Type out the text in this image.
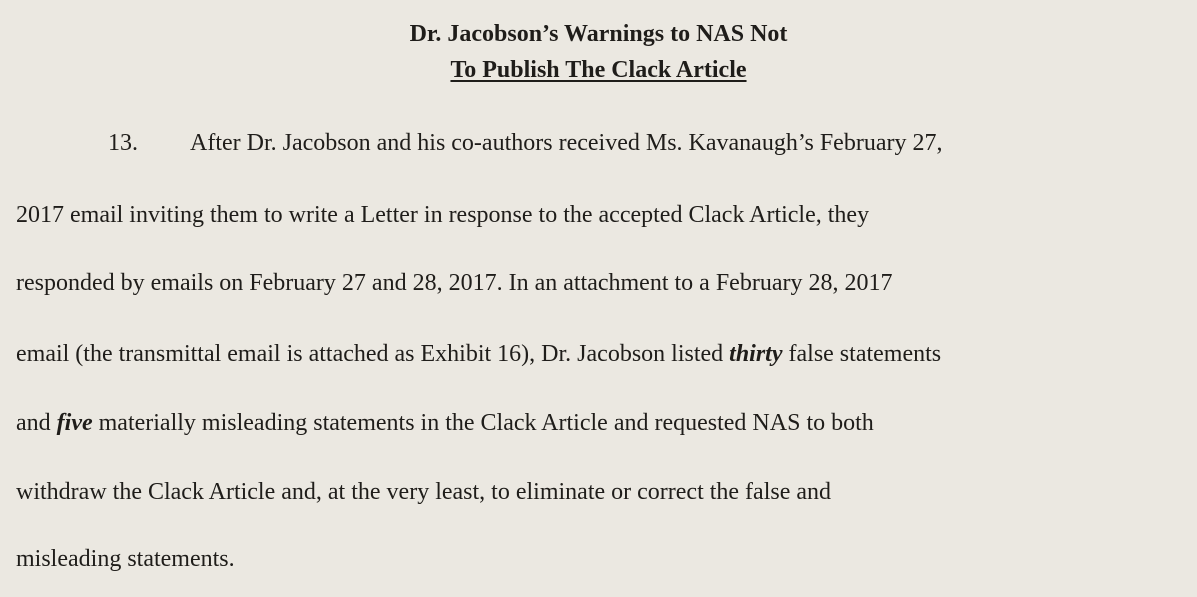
Dr. Jacobson’s Warnings to NAS Not
To Publish The Clack Article
13. After Dr. Jacobson and his co-authors received Ms. Kavanaugh’s February 27,
2017 email inviting them to write a Letter in response to the accepted Clack Article, they
responded by emails on February 27 and 28, 2017. In an attachment to a February 28, 2017
email (the transmittal email is attached as Exhibit 16), Dr. Jacobson listed thirty false statements
and five materially misleading statements in the Clack Article and requested NAS to both
withdraw the Clack Article and, at the very least, to eliminate or correct the false and
misleading statements.
